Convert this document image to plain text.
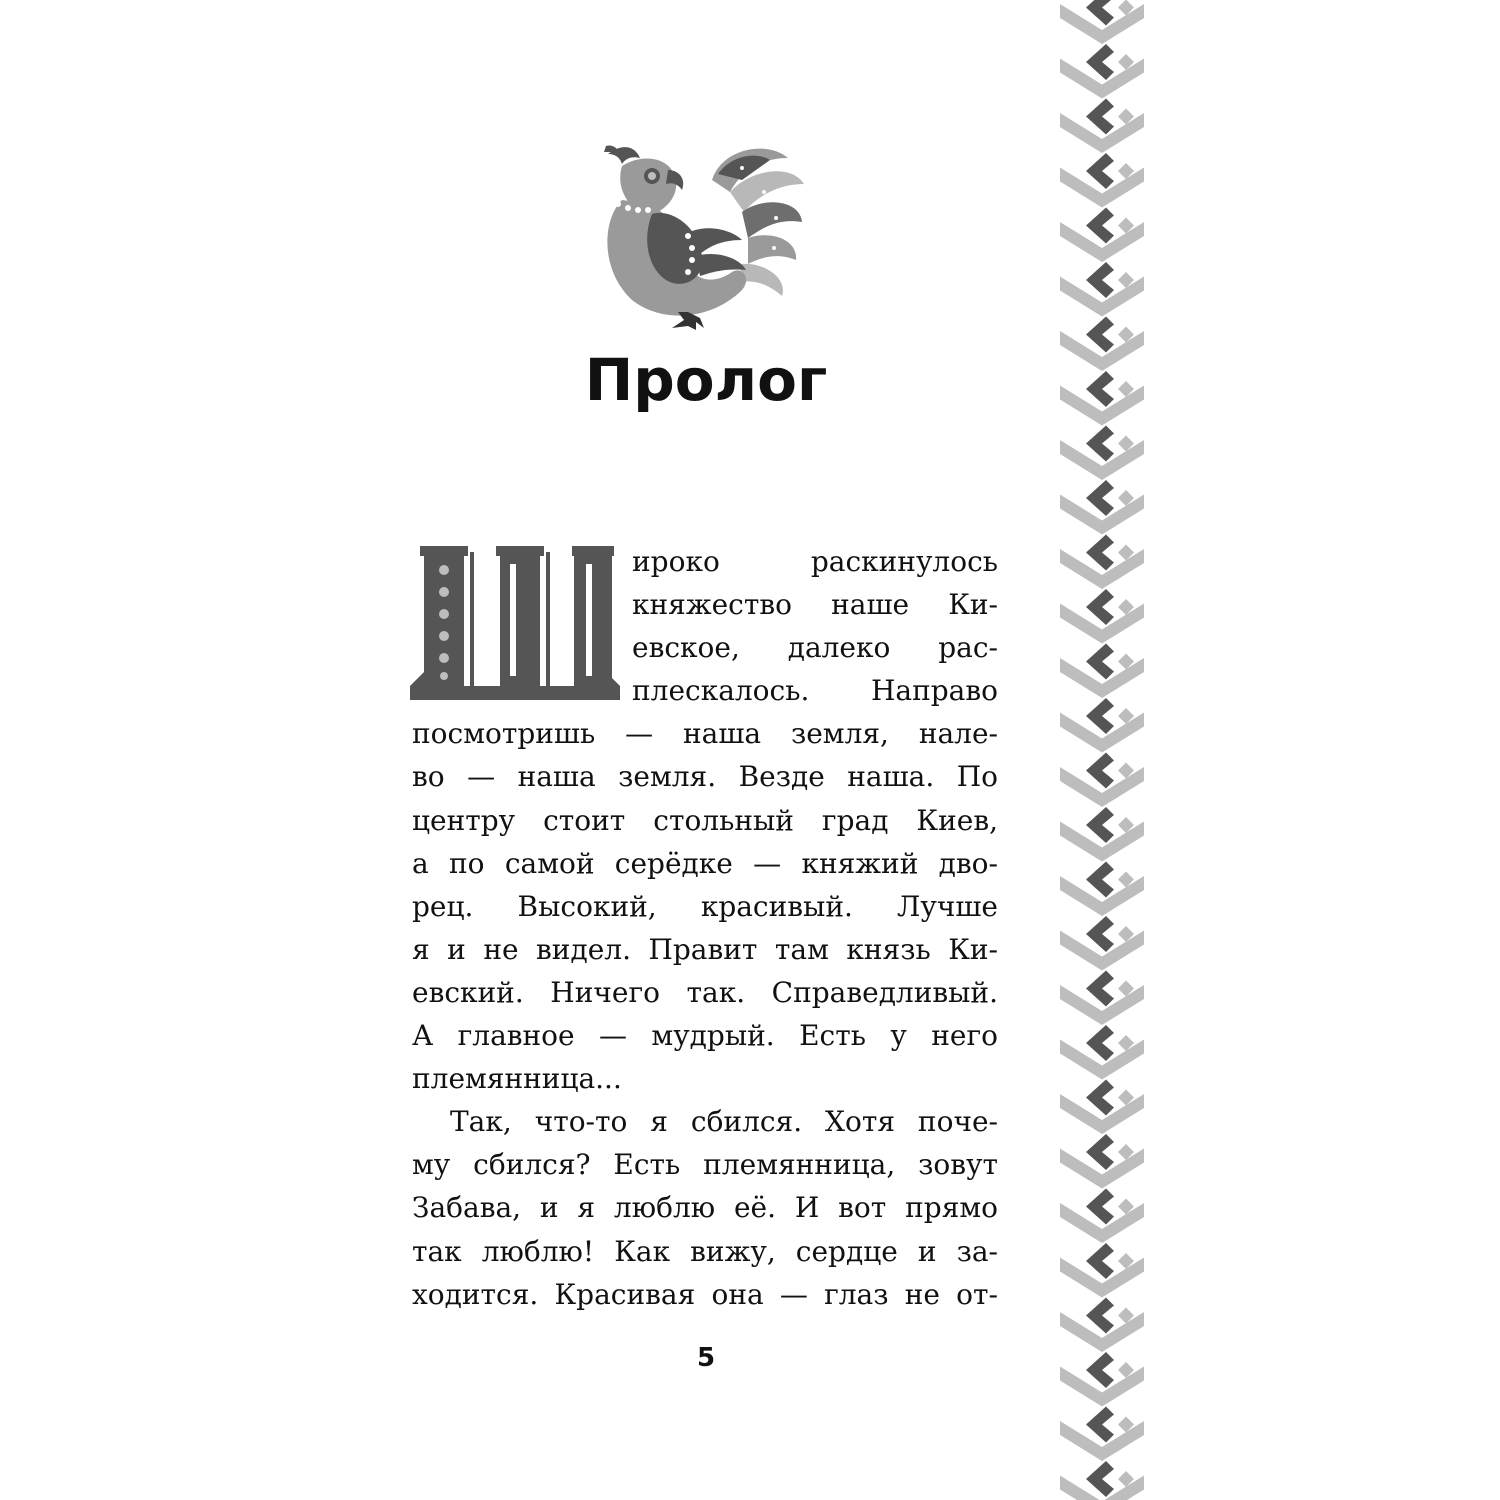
Пролог
ироко раскинулось
княжество наше Ки-
евское, далеко рас-
плескалось. Направо
посмотришь — наша земля, нале-
во — наша земля. Везде наша. По
центру стоит стольный град Киев,
а по самой серёдке — княжий дво-
рец. Высокий, красивый. Лучше
я и не видел. Правит там князь Ки-
евский. Ничего так. Справедливый.
А главное — мудрый. Есть у него
племянница...
Так, что-то я сбился. Хотя поче-
му сбился? Есть племянница, зовут
Забава, и я люблю её. И вот прямо
так люблю! Как вижу, сердце и за-
ходится. Красивая она — глаз не от-
5
